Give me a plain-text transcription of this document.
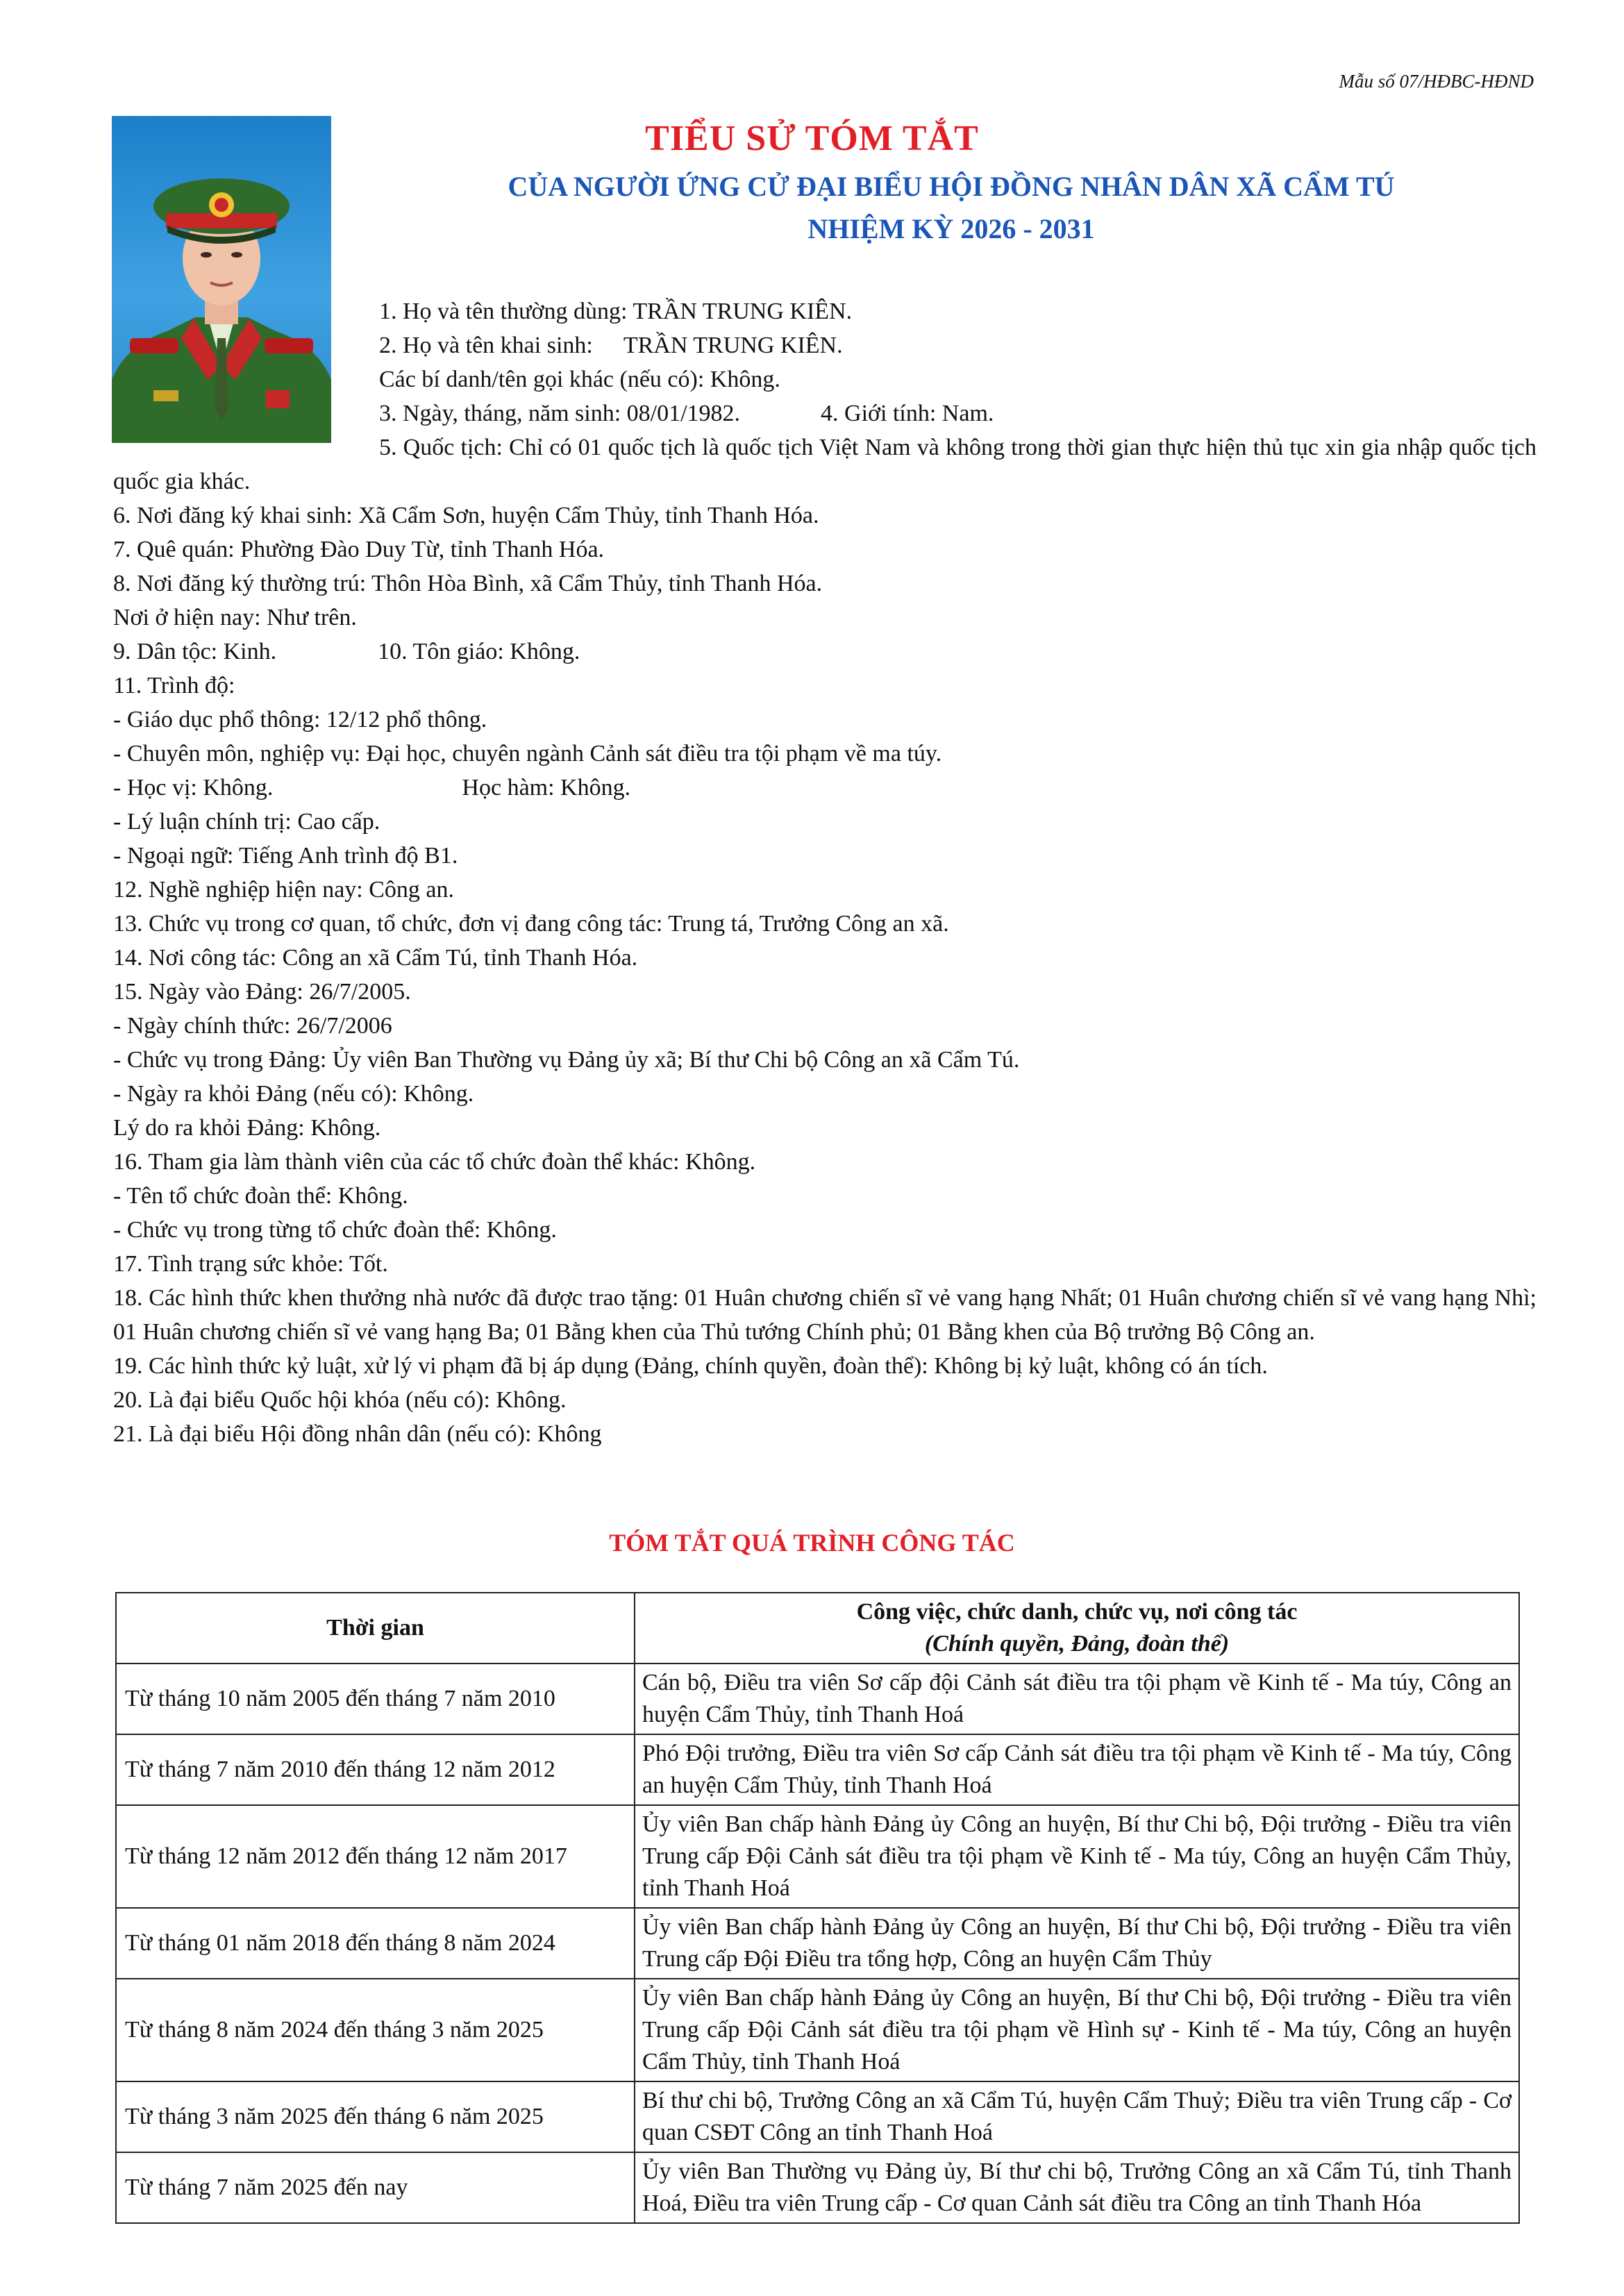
Mẫu số 07/HĐBC-HĐND
TIỂU SỬ TÓM TẮT
CỦA NGƯỜI ỨNG CỬ ĐẠI BIỂU HỘI ĐỒNG NHÂN DÂN XÃ CẨM TÚ
NHIỆM KỲ 2026 - 2031
1. Họ và tên thường dùng: TRẦN TRUNG KIÊN.
2. Họ và tên khai sinh: TRẦN TRUNG KIÊN.
Các bí danh/tên gọi khác (nếu có): Không.
3. Ngày, tháng, năm sinh: 08/01/1982.	4. Giới tính: Nam.
5. Quốc tịch: Chỉ có 01 quốc tịch là quốc tịch Việt Nam và không trong thời gian thực hiện thủ tục xin gia nhập quốc tịch quốc gia khác.
6. Nơi đăng ký khai sinh: Xã Cẩm Sơn, huyện Cẩm Thủy, tỉnh Thanh Hóa.
7. Quê quán: Phường Đào Duy Từ, tỉnh Thanh Hóa.
8. Nơi đăng ký thường trú: Thôn Hòa Bình, xã Cẩm Thủy, tỉnh Thanh Hóa.
Nơi ở hiện nay: Như trên.
9. Dân tộc: Kinh.	10. Tôn giáo: Không.
11. Trình độ:
- Giáo dục phổ thông: 12/12 phổ thông.
- Chuyên môn, nghiệp vụ: Đại học, chuyên ngành Cảnh sát điều tra tội phạm về ma túy.
- Học vị: Không.	Học hàm: Không.
- Lý luận chính trị: Cao cấp.
- Ngoại ngữ: Tiếng Anh trình độ B1.
12. Nghề nghiệp hiện nay: Công an.
13. Chức vụ trong cơ quan, tổ chức, đơn vị đang công tác: Trung tá, Trưởng Công an xã.
14. Nơi công tác: Công an xã Cẩm Tú, tỉnh Thanh Hóa.
15. Ngày vào Đảng: 26/7/2005.
- Ngày chính thức: 26/7/2006
- Chức vụ trong Đảng: Ủy viên Ban Thường vụ Đảng ủy xã; Bí thư Chi bộ Công an xã Cẩm Tú.
- Ngày ra khỏi Đảng (nếu có): Không.
Lý do ra khỏi Đảng: Không.
16. Tham gia làm thành viên của các tổ chức đoàn thể khác: Không.
- Tên tổ chức đoàn thể: Không.
- Chức vụ trong từng tổ chức đoàn thể: Không.
17. Tình trạng sức khỏe: Tốt.
18. Các hình thức khen thưởng nhà nước đã được trao tặng: 01 Huân chương chiến sĩ vẻ vang hạng Nhất; 01 Huân chương chiến sĩ vẻ vang hạng Nhì; 01 Huân chương chiến sĩ vẻ vang hạng Ba; 01 Bằng khen của Thủ tướng Chính phủ; 01 Bằng khen của Bộ trưởng Bộ Công an.
19. Các hình thức kỷ luật, xử lý vi phạm đã bị áp dụng (Đảng, chính quyền, đoàn thể): Không bị kỷ luật, không có án tích.
20. Là đại biểu Quốc hội khóa (nếu có): Không.
21. Là đại biểu Hội đồng nhân dân (nếu có): Không
TÓM TẮT QUÁ TRÌNH CÔNG TÁC
Thời gian	Công việc, chức danh, chức vụ, nơi công tác
(Chính quyền, Đảng, đoàn thể)

Từ tháng 10 năm 2005 đến tháng 7 năm 2010	Cán bộ, Điều tra viên Sơ cấp đội Cảnh sát điều tra tội phạm về Kinh tế - Ma túy, Công an huyện Cẩm Thủy, tỉnh Thanh Hoá
Từ tháng 7 năm 2010 đến tháng 12 năm 2012	Phó Đội trưởng, Điều tra viên Sơ cấp Cảnh sát điều tra tội phạm về Kinh tế - Ma túy, Công an huyện Cẩm Thủy, tỉnh Thanh Hoá
Từ tháng 12 năm 2012 đến tháng 12 năm 2017	Ủy viên Ban chấp hành Đảng ủy Công an huyện, Bí thư Chi bộ, Đội trưởng - Điều tra viên Trung cấp Đội Cảnh sát điều tra tội phạm về Kinh tế - Ma túy, Công an huyện Cẩm Thủy, tỉnh Thanh Hoá
Từ tháng 01 năm 2018 đến tháng 8 năm 2024	Ủy viên Ban chấp hành Đảng ủy Công an huyện, Bí thư Chi bộ, Đội trưởng - Điều tra viên Trung cấp Đội Điều tra tổng hợp, Công an huyện Cẩm Thủy
Từ tháng 8 năm 2024 đến tháng 3 năm 2025	Ủy viên Ban chấp hành Đảng ủy Công an huyện, Bí thư Chi bộ, Đội trưởng - Điều tra viên Trung cấp Đội Cảnh sát điều tra tội phạm về Hình sự - Kinh tế - Ma túy, Công an huyện Cẩm Thủy, tỉnh Thanh Hoá
Từ tháng 3 năm 2025 đến tháng 6 năm 2025	Bí thư chi bộ, Trưởng Công an xã Cẩm Tú, huyện Cẩm Thuỷ; Điều tra viên Trung cấp - Cơ quan CSĐT Công an tỉnh Thanh Hoá
Từ tháng 7 năm 2025 đến nay	Ủy viên Ban Thường vụ Đảng ủy, Bí thư chi bộ, Trưởng Công an xã Cẩm Tú, tỉnh Thanh Hoá, Điều tra viên Trung cấp - Cơ quan Cảnh sát điều tra Công an tỉnh Thanh Hóa
